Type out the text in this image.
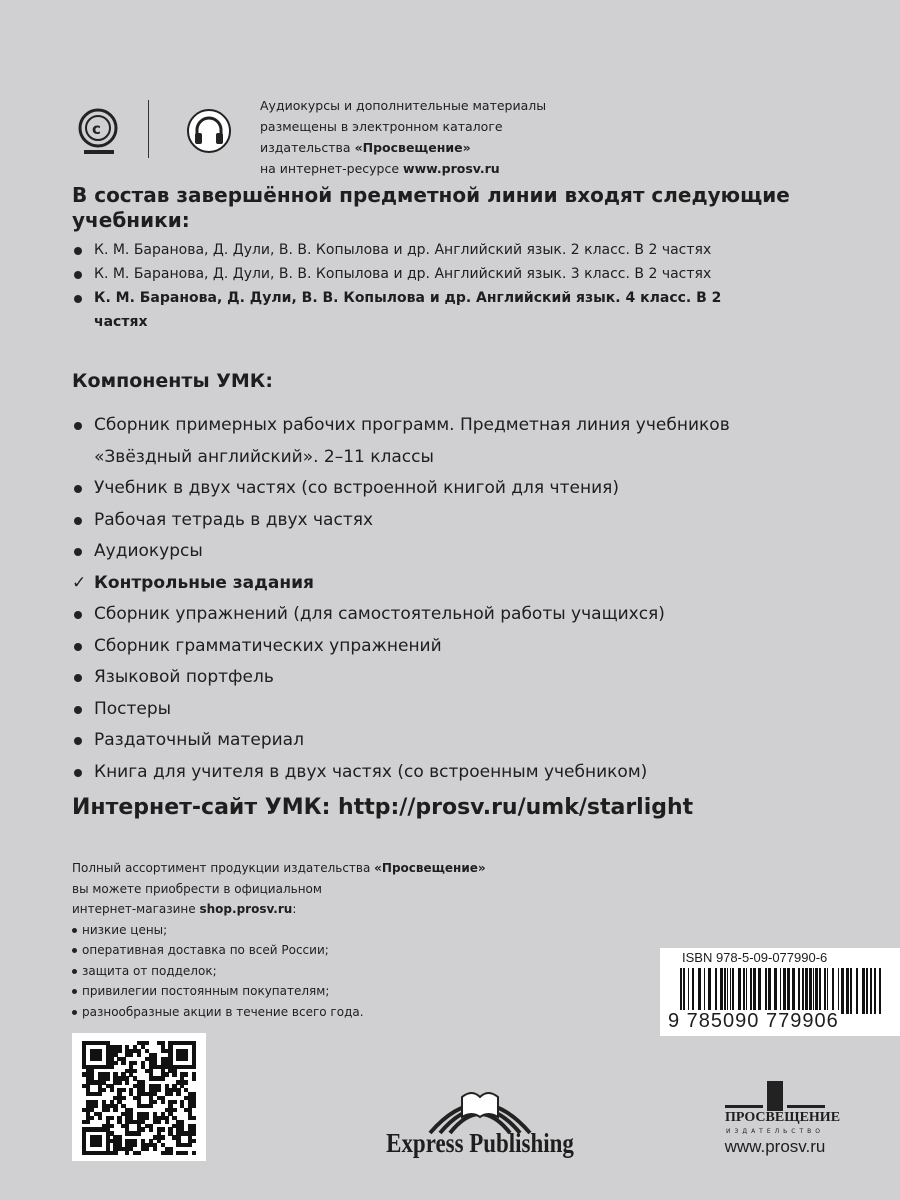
c
Аудиокурсы и дополнительные материалы
размещены в электронном каталоге
издательства «Просвещение»
на интернет-ресурсе www.prosv.ru
В состав завершённой предметной линии входят следующие учебники:
К. М. Баранова, Д. Дули, В. В. Копылова и др. Английский язык. 2 класс. В 2 частях
К. М. Баранова, Д. Дули, В. В. Копылова и др. Английский язык. 3 класс. В 2 частях
К. М. Баранова, Д. Дули, В. В. Копылова и др. Английский язык. 4 класс. В 2 частях
Компоненты УМК:
Сборник примерных рабочих программ. Предметная линия учебников «Звёздный английский». 2–11 классы
Учебник в двух частях (со встроенной книгой для чтения)
Рабочая тетрадь в двух частях
Аудиокурсы
✓ Контрольные задания
Сборник упражнений (для самостоятельной работы учащихся)
Сборник грамматических упражнений
Языковой портфель
Постеры
Раздаточный материал
Книга для учителя в двух частях (со встроенным учебником)
Интернет-сайт УМК: http://prosv.ru/umk/starlight
Полный ассортимент продукции издательства «Просвещение»
вы можете приобрести в официальном
интернет-магазине shop.prosv.ru:
низкие цены;
оперативная доставка по всей России;
защита от подделок;
привилегии постоянным покупателям;
разнообразные акции в течение всего года.
ISBN 978-5-09-077990-6
9 785090 779906
Express Publishing
ПРОСВЕЩЕНИЕ
ИЗДАТЕЛЬСТВО
www.prosv.ru
